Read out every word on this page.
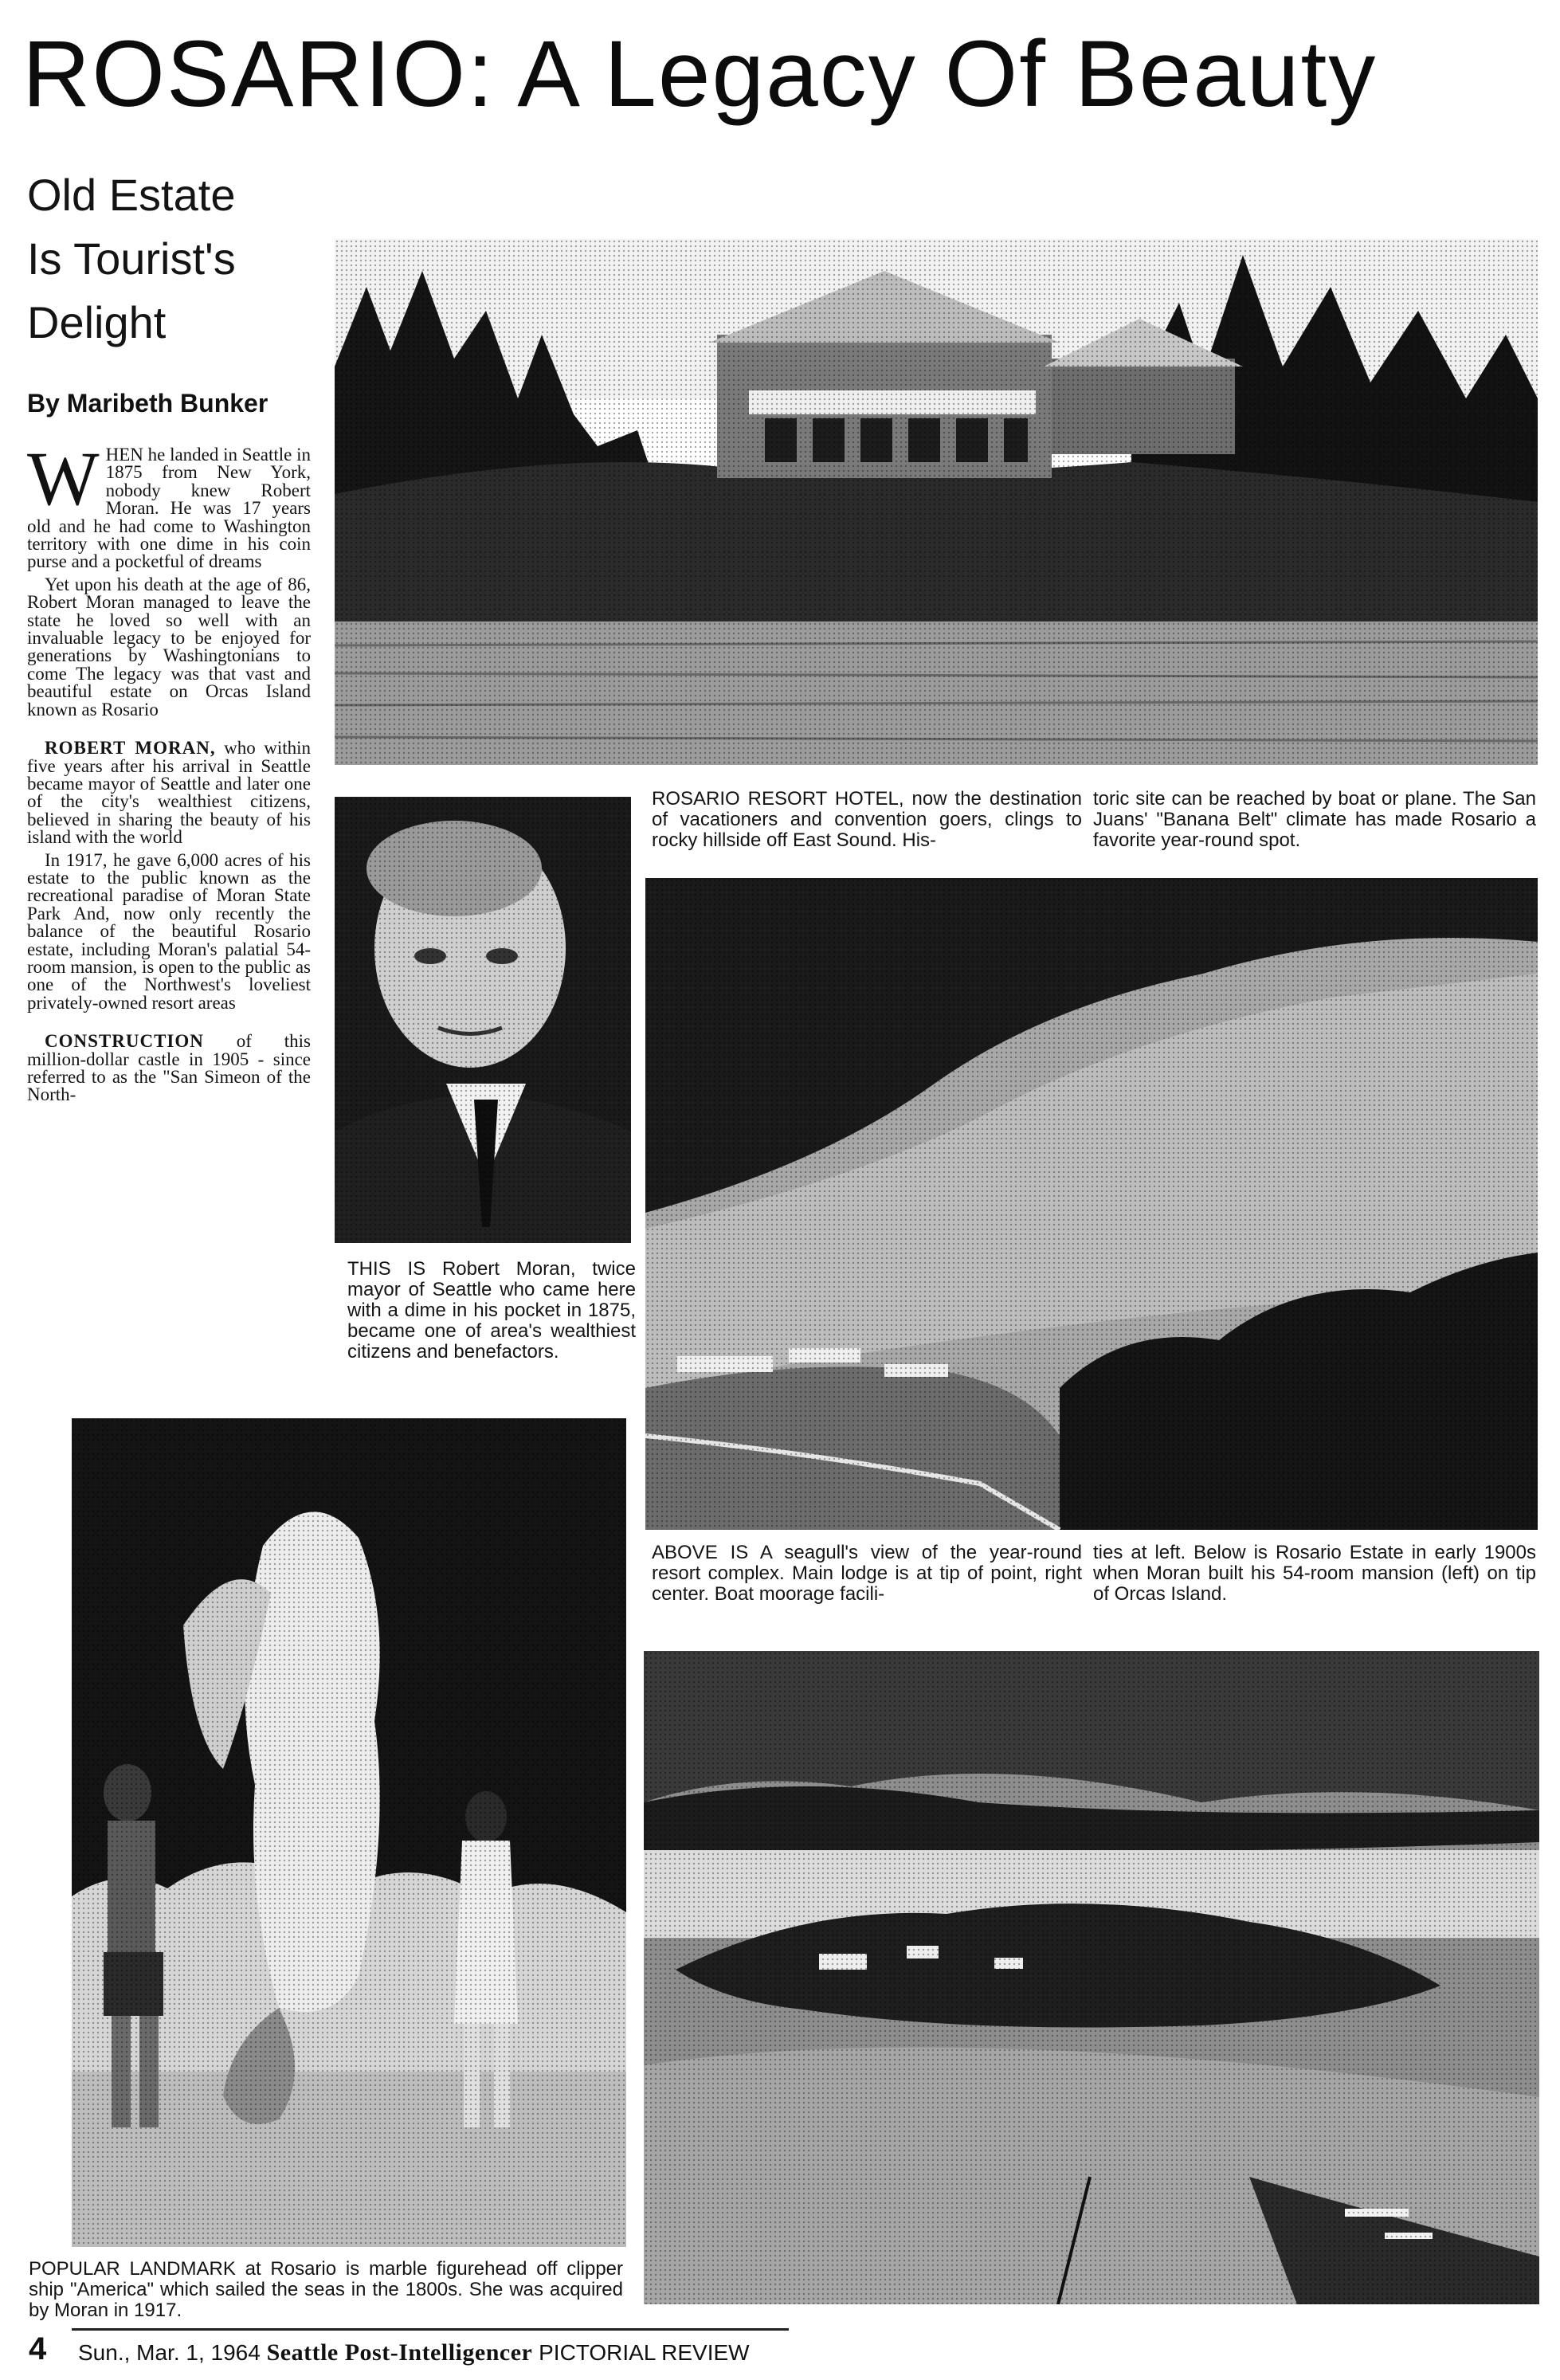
ROSARIO: A Legacy Of Beauty
Old Estate
Is Tourist's
Delight
By Maribeth Bunker

WHEN he landed in Seattle in 1875 from New York, nobody knew Robert Moran. He was 17 years old and he had come to Washington territory with one dime in his coin purse and a pocketful of dreams

Yet upon his death at the age of 86, Robert Moran managed to leave the state he loved so well with an invaluable legacy to be enjoyed for generations by Washingtonians to come The legacy was that vast and beautiful estate on Orcas Island known as Rosario

ROBERT MORAN, who within five years after his arrival in Seattle became mayor of Seattle and later one of the city's wealthiest citizens, believed in sharing the beauty of his island with the world

In 1917, he gave 6,000 acres of his estate to the public known as the recreational paradise of Moran State Park And, now only recently the balance of the beautiful Rosario estate, including Moran's palatial 54-room mansion, is open to the public as one of the Northwest's loveliest privately-owned resort areas

CONSTRUCTION of this million-dollar castle in 1905 - since referred to as the "San Simeon of the North-

ROSARIO RESORT HOTEL, now the destination of vacationers and convention goers, clings to rocky hillside off East Sound. His-
toric site can be reached by boat or plane. The San Juans' "Banana Belt" climate has made Rosario a favorite year-round spot.
THIS IS Robert Moran, twice mayor of Seattle who came here with a dime in his pocket in 1875, became one of area's wealthiest citizens and benefactors.
ABOVE IS A seagull's view of the year-round resort complex. Main lodge is at tip of point, right center. Boat moorage facili-
ties at left. Below is Rosario Estate in early 1900s when Moran built his 54-room mansion (left) on tip of Orcas Island.
POPULAR LANDMARK at Rosario is marble figurehead off clipper ship "America" which sailed the seas in the 1800s. She was acquired by Moran in 1917.
4 Sun., Mar. 1, 1964 Seattle Post-Intelligencer PICTORIAL REVIEW
